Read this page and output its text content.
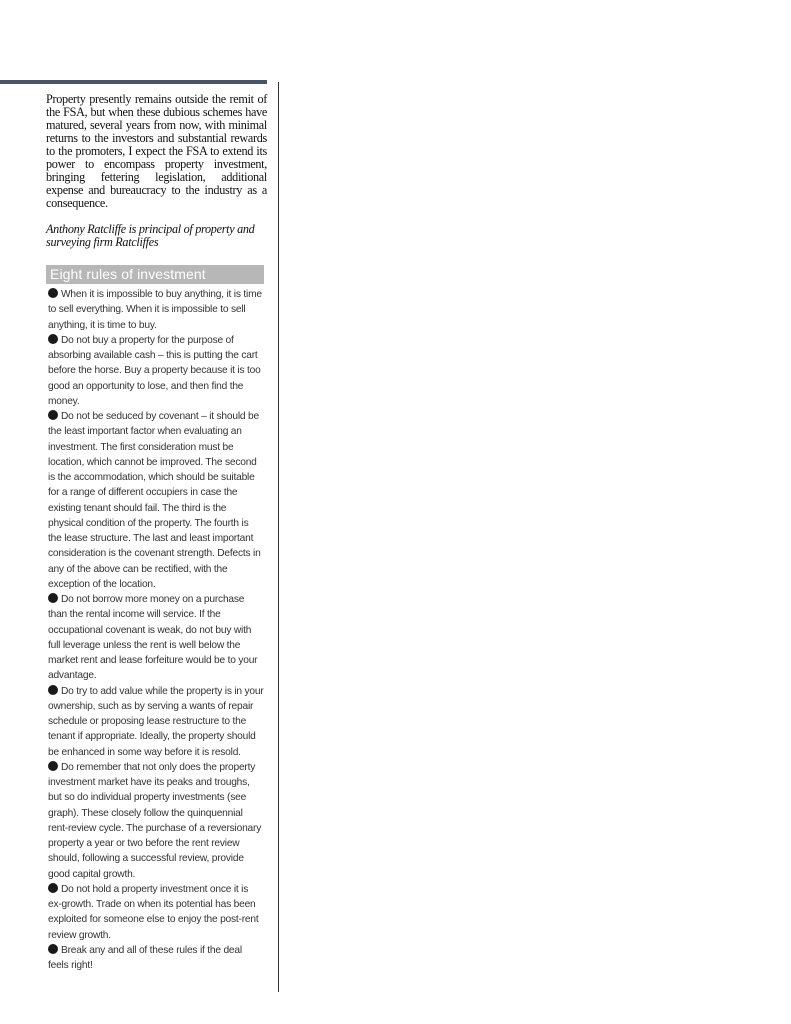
Property presently remains outside the remit of the FSA, but when these dubious schemes have matured, several years from now, with minimal returns to the investors and substantial rewards to the promoters, I expect the FSA to extend its power to encompass property investment, bringing fettering legislation, additional expense and bureaucracy to the industry as a consequence.

Anthony Ratcliffe is principal of property and surveying firm Ratcliffes

Eight rules of investment
When it is impossible to buy anything, it is time to sell everything. When it is impossible to sell anything, it is time to buy.
Do not buy a property for the purpose of absorbing available cash – this is putting the cart before the horse. Buy a property because it is too good an opportunity to lose, and then find the money.
Do not be seduced by covenant – it should be the least important factor when evaluating an investment. The first consideration must be location, which cannot be improved. The second is the accommodation, which should be suitable for a range of different occupiers in case the existing tenant should fail. The third is the physical condition of the property. The fourth is the lease structure. The last and least important consideration is the covenant strength. Defects in any of the above can be rectified, with the exception of the location.
Do not borrow more money on a purchase than the rental income will service. If the occupational covenant is weak, do not buy with full leverage unless the rent is well below the market rent and lease forfeiture would be to your advantage.
Do try to add value while the property is in your ownership, such as by serving a wants of repair schedule or proposing lease restructure to the tenant if appropriate. Ideally, the property should be enhanced in some way before it is resold.
Do remember that not only does the property investment market have its peaks and troughs, but so do individual property investments (see graph). These closely follow the quinquennial rent-review cycle. The purchase of a reversionary property a year or two before the rent review should, following a successful review, provide good capital growth.
Do not hold a property investment once it is ex-growth. Trade on when its potential has been exploited for someone else to enjoy the post-rent review growth.
Break any and all of these rules if the deal feels right!
